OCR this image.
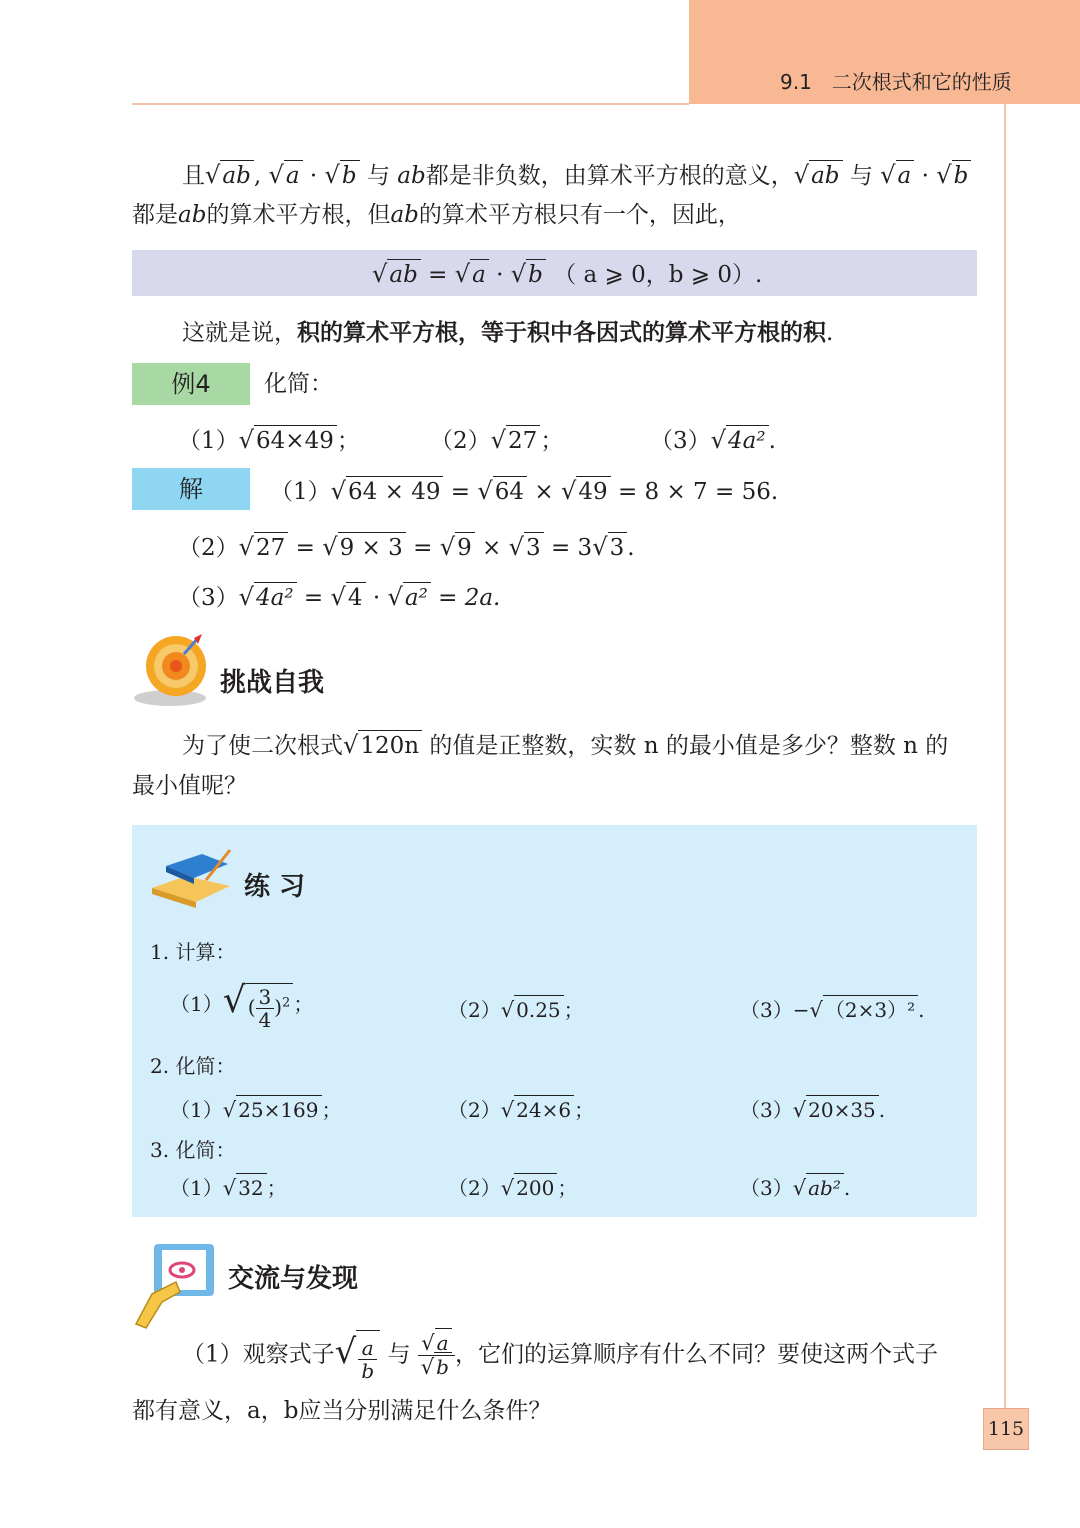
9.1　二次根式和它的性质
115
且√ab , √a · √b 与 ab都是非负数，由算术平方根的意义，√ab 与 √a · √b
都是ab的算术平方根，但ab的算术平方根只有一个，因此，
√ab = √a · √b （ a ⩾ 0，b ⩾ 0）.
这就是说，积的算术平方根，等于积中各因式的算术平方根的积.
例4	化简：
（1）√64×49 ；	（2）√27 ；	（3）√4a² .
解	（1）√64 × 49 = √64 × √49 = 8 × 7 = 56.
（2）√27 = √9 × 3 = √9 × √3 = 3√3 .
（3）√4a² = √4 · √a² = 2a.
挑战自我
为了使二次根式√120n 的值是正整数，实数 n 的最小值是多少？整数 n 的
最小值呢？
练 习
1. 计算：
（1）√ ( $\frac{3}{4} )^2$ ；	（2）√ 0.25 ；	（3）−√ （2×3）² .
2. 化简：
（1）√ 25×169 ；	（2）√ 24×6 ；	（3）√ 20×35 .
3. 化简：
（1）√ 32 ；	（2）√ 200 ；	（3）√ ab² .
交流与发现
（1）观察式子√ $\frac{a}{b}$ 与 $\frac{√ a}{√ b}$ ，它们的运算顺序有什么不同？要使这两个式子
都有意义，a，b应当分别满足什么条件？
